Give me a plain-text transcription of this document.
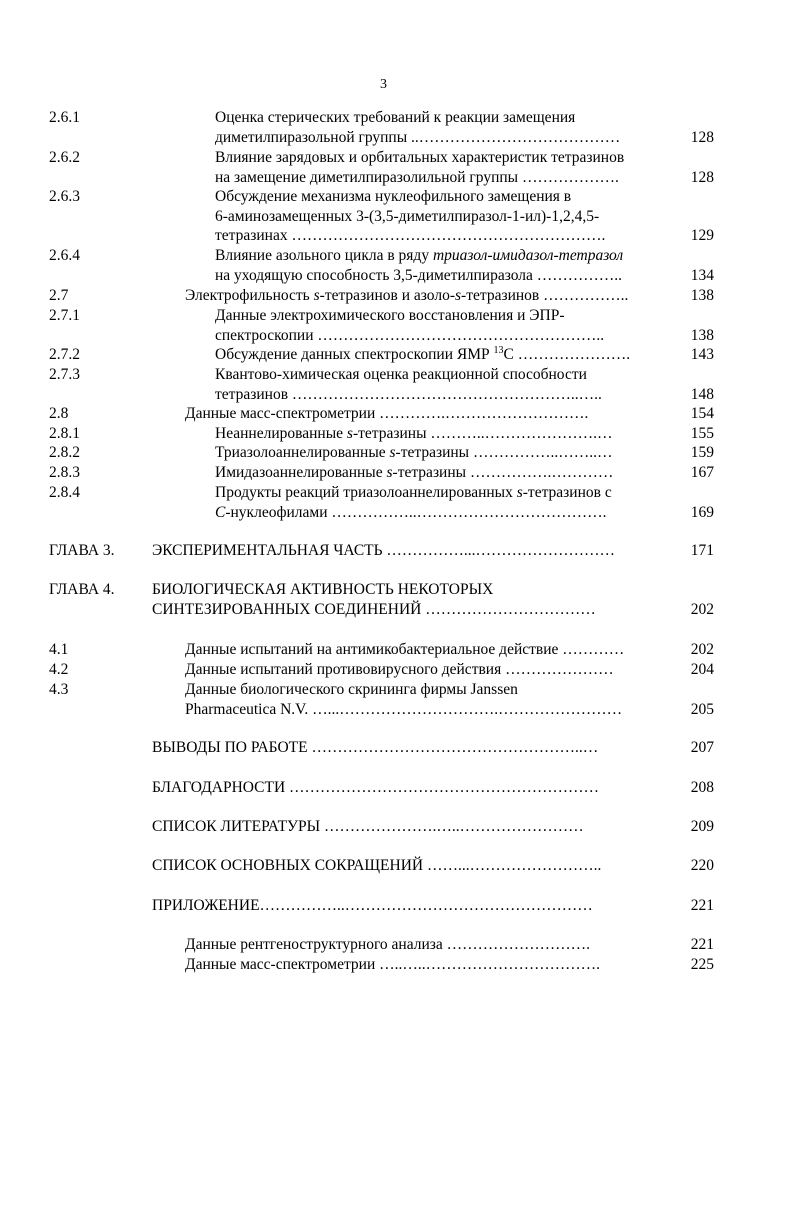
3
2.6.1	Оценка стерических требований к реакции замещения
диметилпиразольной группы ..…………………………………	128
2.6.2	Влияние зарядовых и орбитальных характеристик тетразинов
на замещение диметилпиразолильной группы ……………….	128
2.6.3	Обсуждение механизма нуклеофильного замещения в
6-аминозамещенных 3-(3,5-диметилпиразол-1-ил)-1,2,4,5-
тетразинах …………………………………………………….	129
2.6.4	Влияние азольного цикла в ряду триазол-имидазол-тетразол
на уходящую способность 3,5-диметилпиразола ……………..	134
2.7	Электрофильность s-тетразинов и азоло-s-тетразинов ……………..	138
2.7.1	Данные электрохимического восстановления и ЭПР-
спектроскопии ………………………………………………..	138
2.7.2	Обсуждение данных спектроскопии ЯМР $^{13}$С ………………….	143
2.7.3	Квантово-химическая оценка реакционной способности
тетразинов ………………………………………………..…..	148
2.8	Данные масс-спектрометрии ………….……………………….	154
2.8.1	Неаннелированные s-тетразины ………..………………….…	155
2.8.2	Триазолоаннелированные s-тетразины ……………..……..…	159
2.8.3	Имидазоаннелированные s-тетразины …………….…………	167
2.8.4	Продукты реакций триазолоаннелированных s-тетразинов с
С-нуклеофилами ……………..……………………………….	169
ГЛАВА 3. ЭКСПЕРИМЕНТАЛЬНАЯ ЧАСТЬ ……………...………………………	171
ГЛАВА 4. БИОЛОГИЧЕСКАЯ АКТИВНОСТЬ НЕКОТОРЫХ
СИНТЕЗИРОВАННЫХ СОЕДИНЕНИЙ ……………………………	202
4.1	Данные испытаний на антимикобактериальное действие …………	202
4.2	Данные испытаний противовирусного действия …………………	204
4.3	Данные биологического скрининга фирмы Janssen
Pharmaceutica N.V. …...………………………….……………………	205
ВЫВОДЫ ПО РАБОТЕ ……………………………………………..…	207
БЛАГОДАРНОСТИ ……………………………………………………	208
СПИСОК ЛИТЕРАТУРЫ ………………….…..……………………	209
СПИСОК ОСНОВНЫХ СОКРАЩЕНИЙ ……...……………………..	220
ПРИЛОЖЕНИЕ……………..…………………………………………	221
Данные рентгеноструктурного анализа ……………………….	221
Данные масс-спектрометрии …..…..…………………………….	225
